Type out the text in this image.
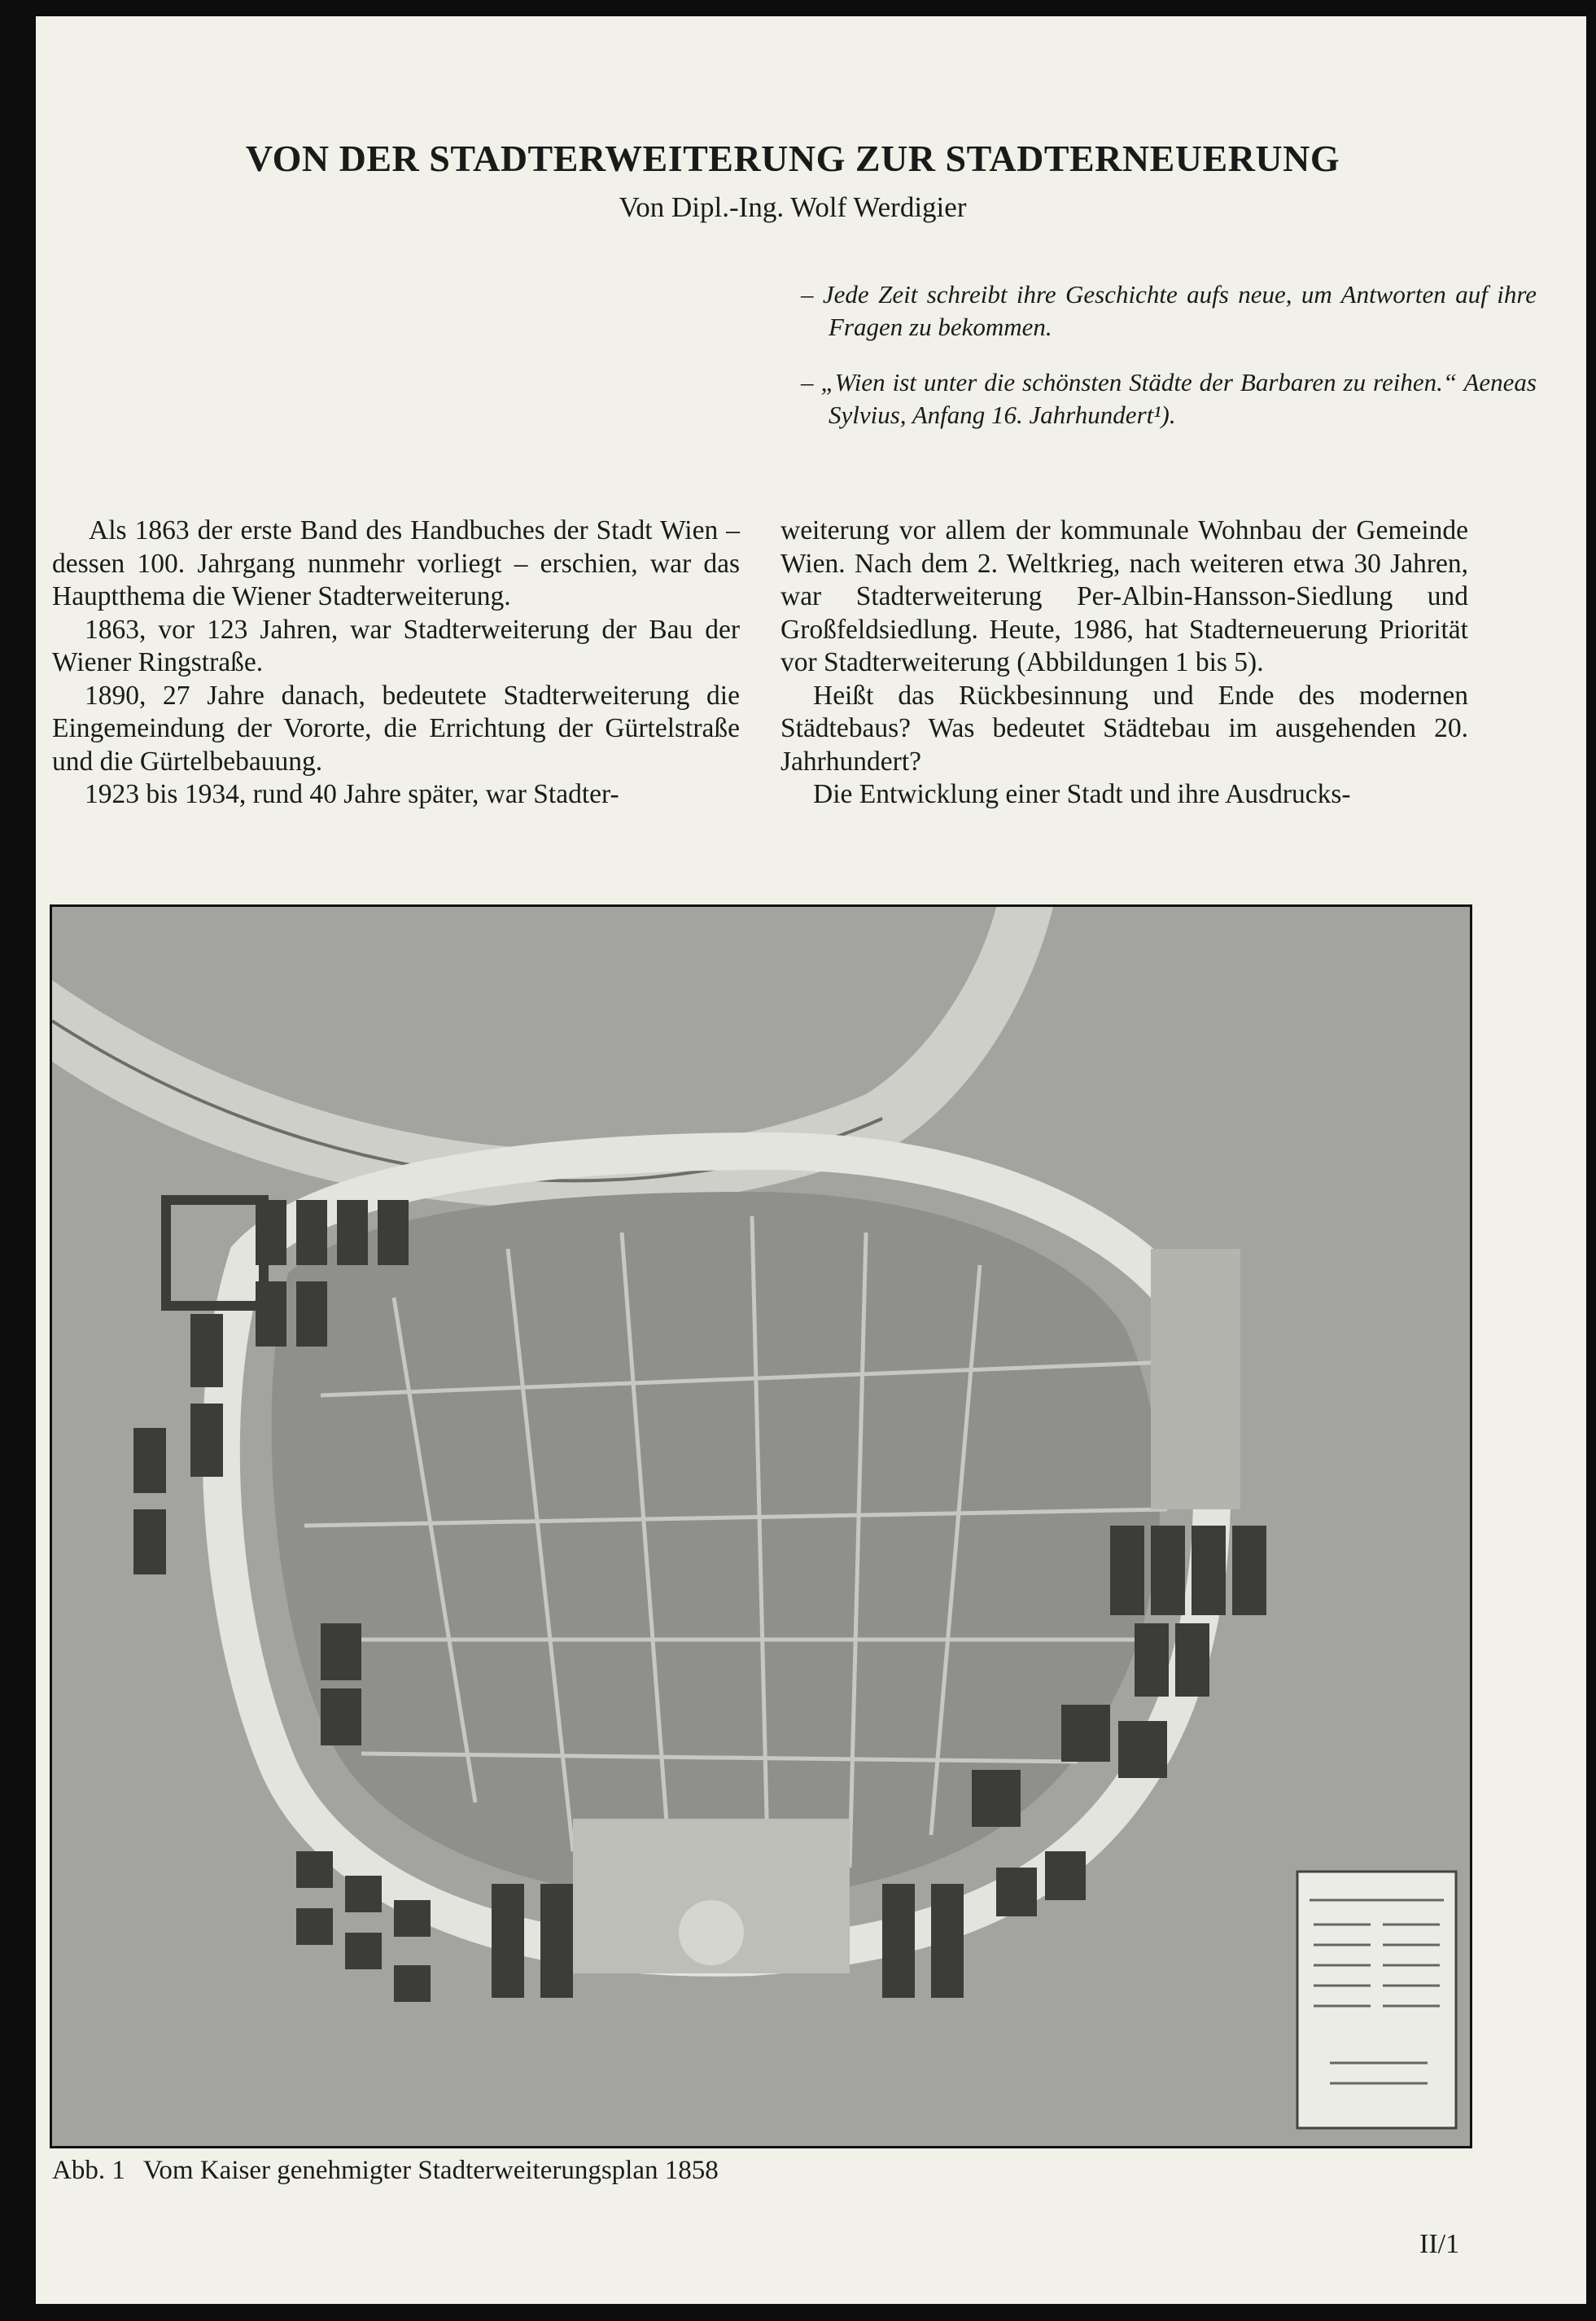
VON DER STADTERWEITERUNG ZUR STADTERNEUERUNG
Von Dipl.-Ing. Wolf Werdigier

– Jede Zeit schreibt ihre Geschichte aufs neue, um Antworten auf ihre Fragen zu bekommen.

– „Wien ist unter die schönsten Städte der Barbaren zu reihen.“ Aeneas Sylvius, Anfang 16. Jahrhundert¹).

Als 1863 der erste Band des Handbuches der Stadt Wien – dessen 100. Jahrgang nunmehr vorliegt – erschien, war das Hauptthema die Wiener Stadterweiterung.

1863, vor 123 Jahren, war Stadterweiterung der Bau der Wiener Ringstraße.

1890, 27 Jahre danach, bedeutete Stadterweiterung die Eingemeindung der Vororte, die Errichtung der Gürtelstraße und die Gürtelbebauung.

1923 bis 1934, rund 40 Jahre später, war Stadter-

weiterung vor allem der kommunale Wohnbau der Gemeinde Wien. Nach dem 2. Weltkrieg, nach weiteren etwa 30 Jahren, war Stadterweiterung Per-Albin-Hansson-Siedlung und Großfeldsiedlung. Heute, 1986, hat Stadterneuerung Priorität vor Stadterweiterung (Abbildungen 1 bis 5).

Heißt das Rückbesinnung und Ende des modernen Städtebaus? Was bedeutet Städtebau im ausgehenden 20. Jahrhundert?

Die Entwicklung einer Stadt und ihre Ausdrucks-

Abb. 1 Vom Kaiser genehmigter Stadterweiterungsplan 1858
II/1
